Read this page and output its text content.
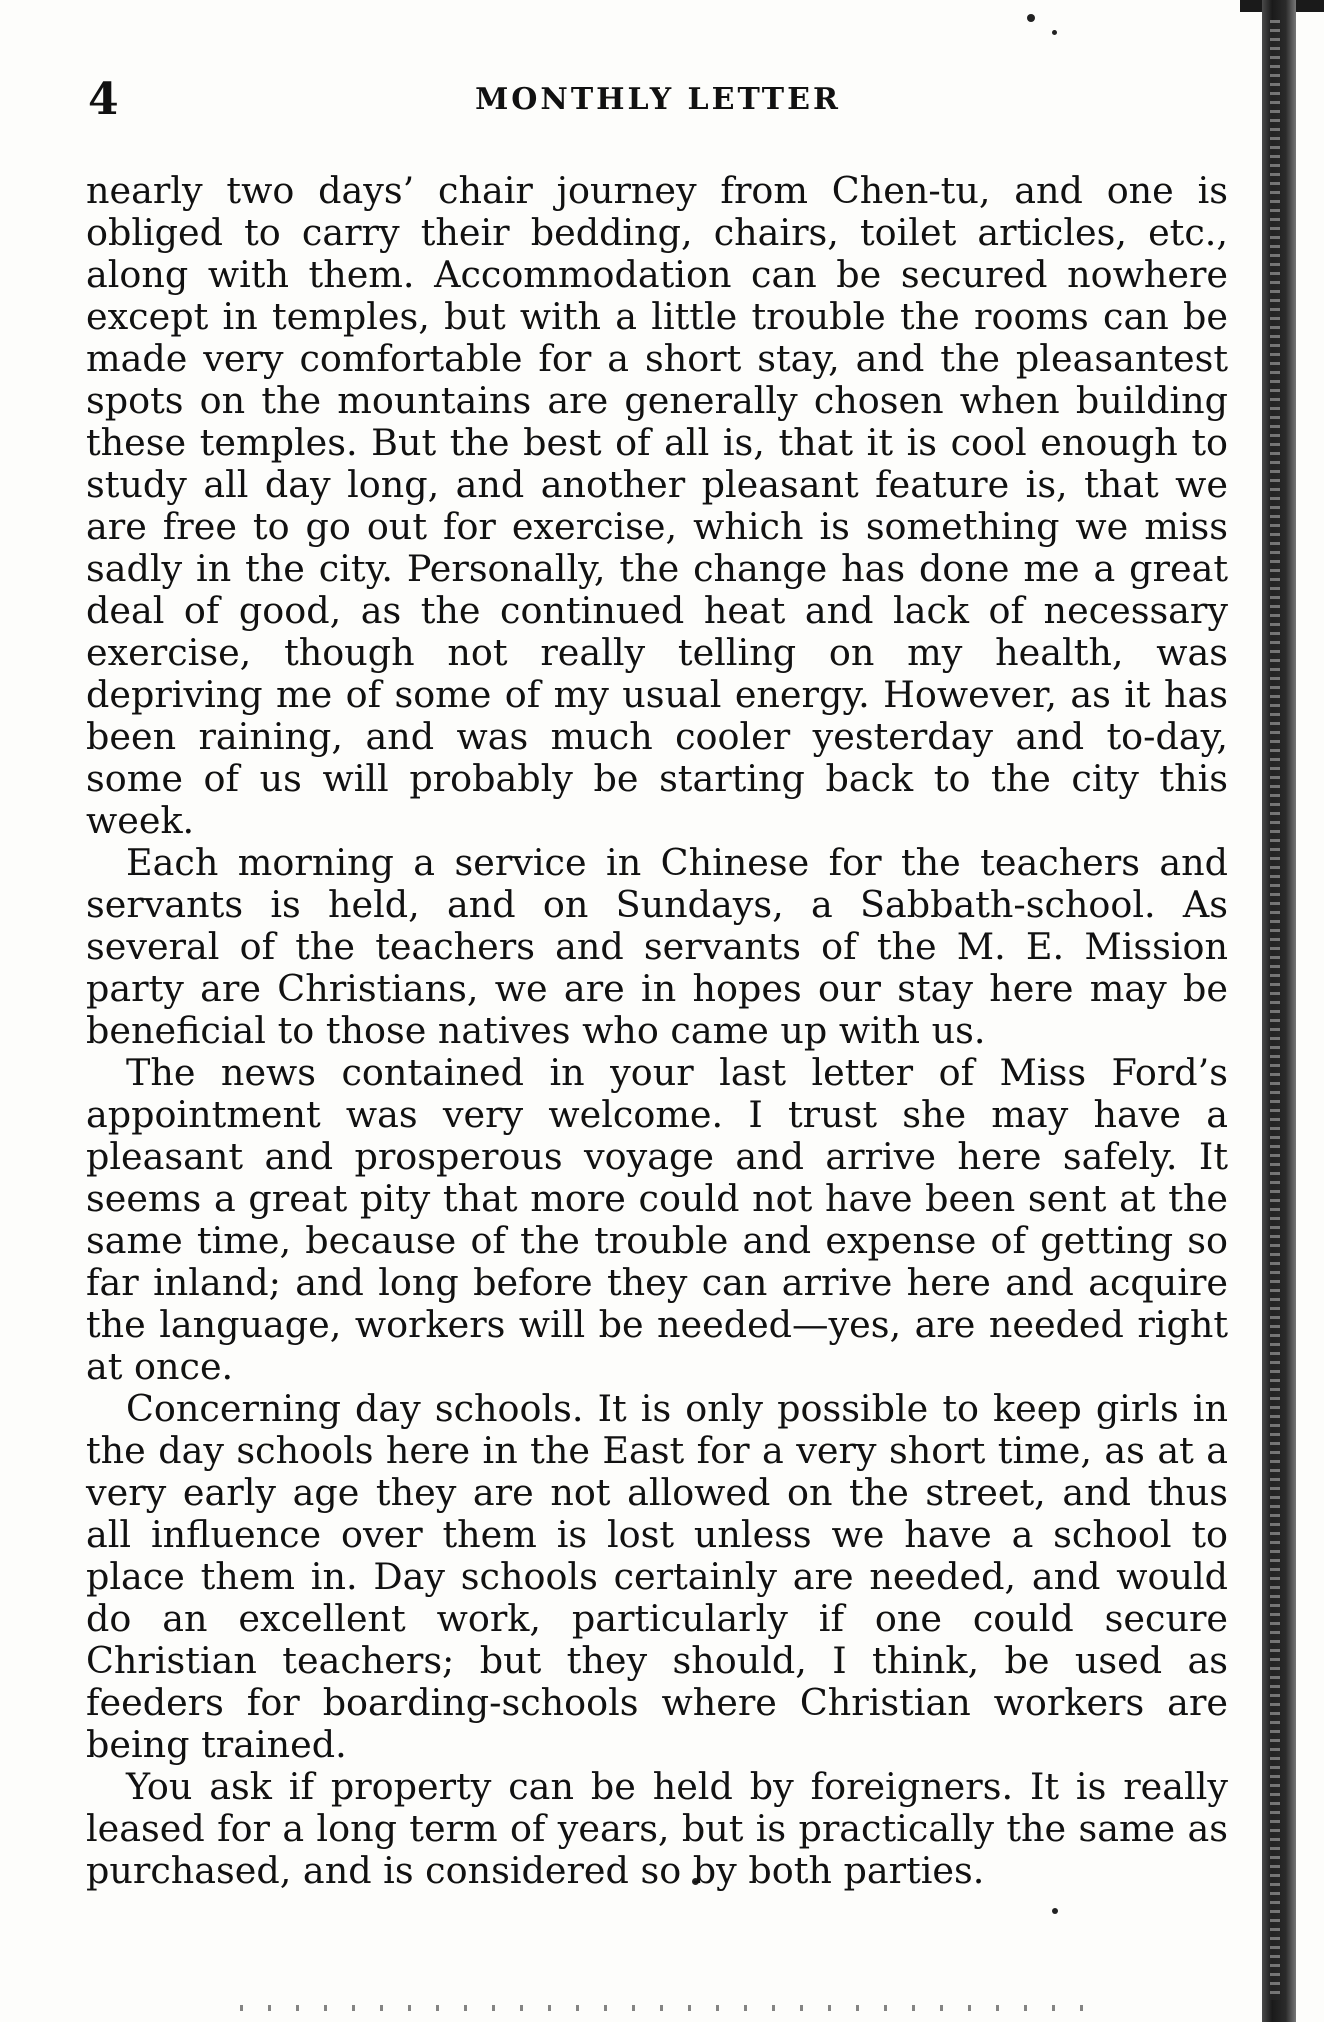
4	MONTHLY LETTER

nearly two days’ chair journey from Chen-tu, and one is obliged to carry their bedding, chairs, toilet articles, etc., along with them. Accommodation can be secured nowhere except in temples, but with a little trouble the rooms can be made very comfortable for a short stay, and the pleasantest spots on the mountains are generally chosen when building these temples. But the best of all is, that it is cool enough to study all day long, and another pleasant feature is, that we are free to go out for exercise, which is something we miss sadly in the city. Personally, the change has done me a great deal of good, as the continued heat and lack of necessary exercise, though not really telling on my health, was depriving me of some of my usual energy. However, as it has been raining, and was much cooler yesterday and to-day, some of us will probably be starting back to the city this week.

Each morning a service in Chinese for the teachers and servants is held, and on Sundays, a Sabbath-school. As several of the teachers and servants of the M. E. Mission party are Christians, we are in hopes our stay here may be beneficial to those natives who came up with us.

The news contained in your last letter of Miss Ford’s appointment was very welcome. I trust she may have a pleasant and prosperous voyage and arrive here safely. It seems a great pity that more could not have been sent at the same time, because of the trouble and expense of getting so far inland; and long before they can arrive here and acquire the language, workers will be needed—yes, are needed right at once.

Concerning day schools. It is only possible to keep girls in the day schools here in the East for a very short time, as at a very early age they are not allowed on the street, and thus all influence over them is lost unless we have a school to place them in. Day schools certainly are needed, and would do an excellent work, particularly if one could secure Christian teachers; but they should, I think, be used as feeders for boarding-schools where Christian workers are being trained.

You ask if property can be held by foreigners. It is really leased for a long term of years, but is practically the same as purchased, and is considered so by both parties.
